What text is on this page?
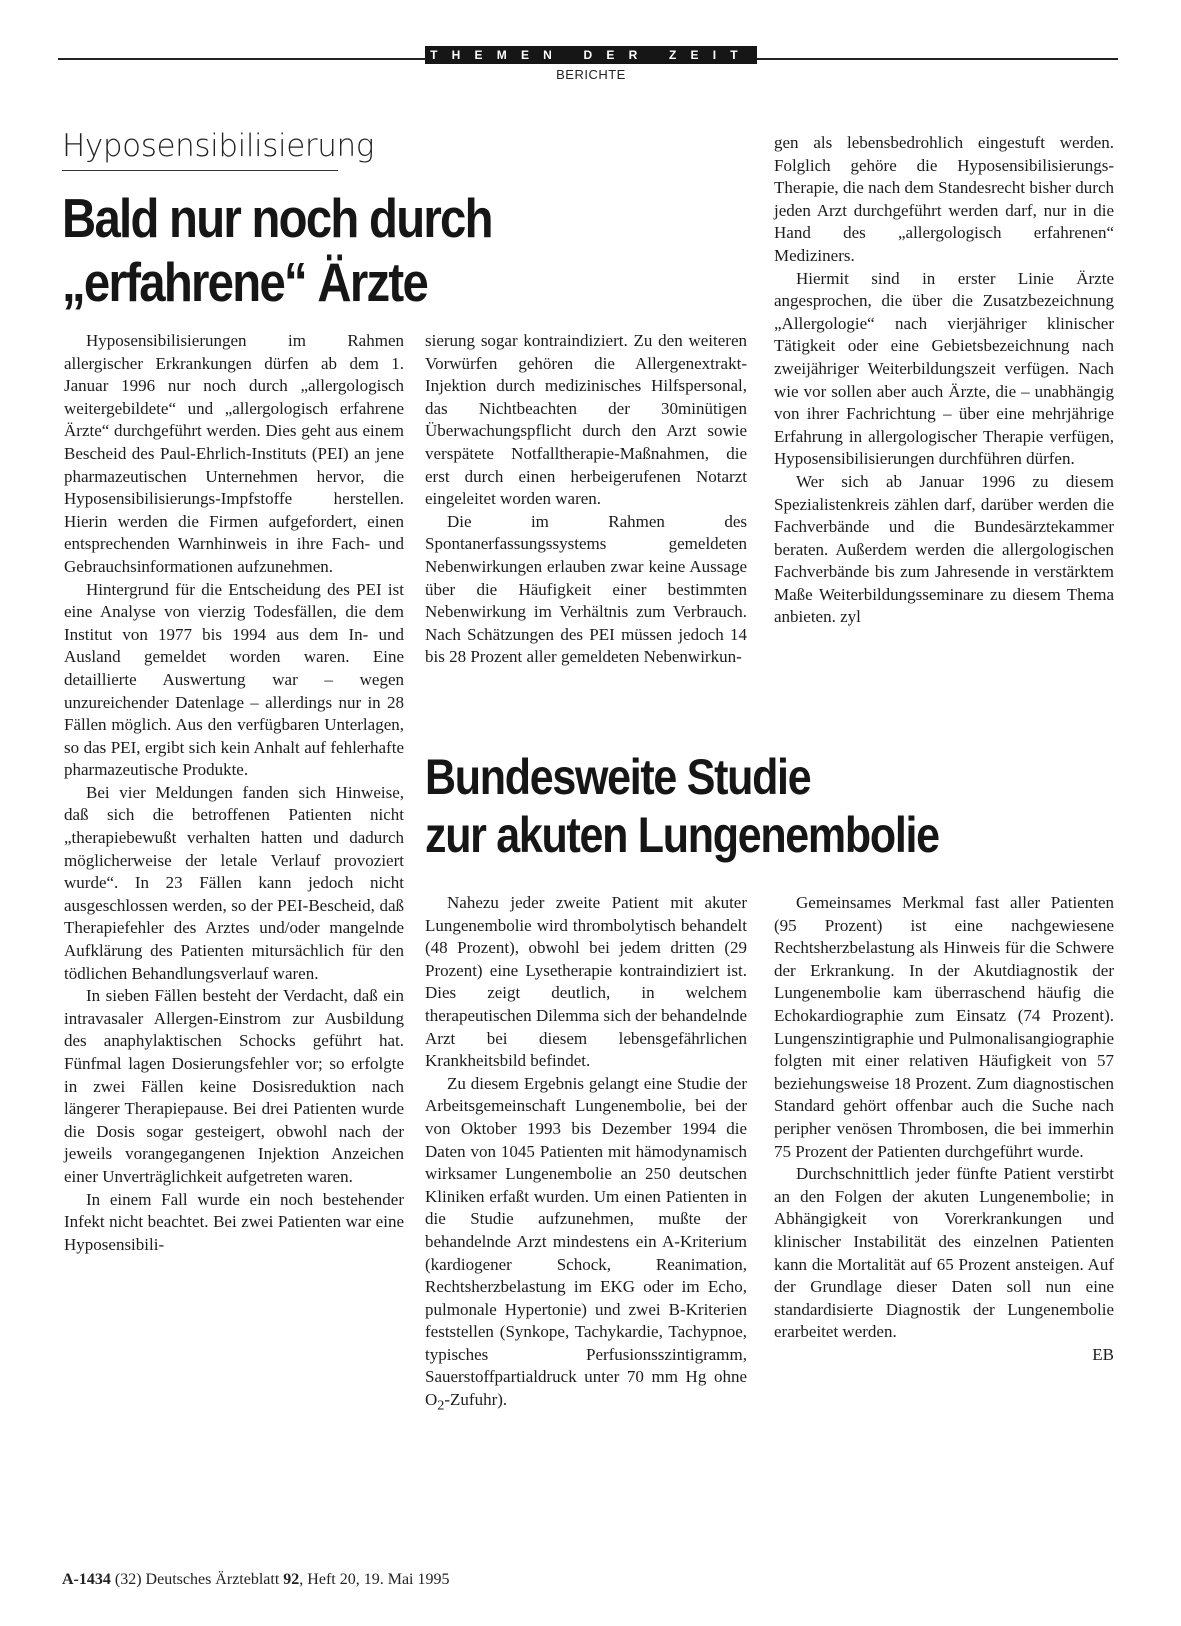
THEMEN DER ZEIT
BERICHTE
Hyposensibilisierung
Bald nur noch durch
„erfahrene“ Ärzte

Hyposensibilisierungen im Rahmen allergischer Erkrankungen dürfen ab dem 1. Januar 1996 nur noch durch „allergologisch weitergebildete“ und „allergologisch erfahrene Ärzte“ durchgeführt werden. Dies geht aus einem Bescheid des Paul-Ehrlich-Instituts (PEI) an jene pharmazeutischen Unternehmen hervor, die Hyposensibilisierungs-Impfstoffe herstellen. Hierin werden die Firmen aufgefordert, einen entsprechenden Warnhinweis in ihre Fach- und Gebrauchsinformationen aufzunehmen.

Hintergrund für die Entscheidung des PEI ist eine Analyse von vierzig Todesfällen, die dem Institut von 1977 bis 1994 aus dem In- und Ausland gemeldet worden waren. Eine detaillierte Auswertung war – wegen unzureichender Datenlage – allerdings nur in 28 Fällen möglich. Aus den verfügbaren Unterlagen, so das PEI, ergibt sich kein Anhalt auf fehlerhafte pharmazeutische Produkte.

Bei vier Meldungen fanden sich Hinweise, daß sich die betroffenen Patienten nicht „therapiebewußt verhalten hatten und dadurch möglicherweise der letale Verlauf provoziert wurde“. In 23 Fällen kann jedoch nicht ausgeschlossen werden, so der PEI-Bescheid, daß Therapiefehler des Arztes und/oder mangelnde Aufklärung des Patienten mitursächlich für den tödlichen Behandlungsverlauf waren.

In sieben Fällen besteht der Verdacht, daß ein intravasaler Allergen-Einstrom zur Ausbildung des anaphylaktischen Schocks geführt hat. Fünfmal lagen Dosierungsfehler vor; so erfolgte in zwei Fällen keine Dosisreduktion nach längerer Therapiepause. Bei drei Patienten wurde die Dosis sogar gesteigert, obwohl nach der jeweils vorangegangenen Injektion Anzeichen einer Unverträglichkeit aufgetreten waren.

In einem Fall wurde ein noch bestehender Infekt nicht beachtet. Bei zwei Patienten war eine Hyposensibili-

sierung sogar kontraindiziert. Zu den weiteren Vorwürfen gehören die Allergenextrakt-Injektion durch medizinisches Hilfspersonal, das Nichtbeachten der 30minütigen Überwachungspflicht durch den Arzt sowie verspätete Notfalltherapie-Maßnahmen, die erst durch einen herbeigerufenen Notarzt eingeleitet worden waren.

Die im Rahmen des Spontanerfassungssystems gemeldeten Nebenwirkungen erlauben zwar keine Aussage über die Häufigkeit einer bestimmten Nebenwirkung im Verhältnis zum Verbrauch. Nach Schätzungen des PEI müssen jedoch 14 bis 28 Prozent aller gemeldeten Nebenwirkun-

gen als lebensbedrohlich eingestuft werden. Folglich gehöre die Hyposensibilisierungs-Therapie, die nach dem Standesrecht bisher durch jeden Arzt durchgeführt werden darf, nur in die Hand des „allergologisch erfahrenen“ Mediziners.

Hiermit sind in erster Linie Ärzte angesprochen, die über die Zusatzbezeichnung „Allergologie“ nach vierjähriger klinischer Tätigkeit oder eine Gebietsbezeichnung nach zweijähriger Weiterbildungszeit verfügen. Nach wie vor sollen aber auch Ärzte, die – unabhängig von ihrer Fachrichtung – über eine mehrjährige Erfahrung in allergologischer Therapie verfügen, Hyposensibilisierungen durchführen dürfen.

Wer sich ab Januar 1996 zu diesem Spezialistenkreis zählen darf, darüber werden die Fachverbände und die Bundesärztekammer beraten. Außerdem werden die allergologischen Fachverbände bis zum Jahresende in verstärktem Maße Weiterbildungsseminare zu diesem Thema anbieten. zyl

Bundesweite Studie
zur akuten Lungenembolie

Nahezu jeder zweite Patient mit akuter Lungenembolie wird thrombolytisch behandelt (48 Prozent), obwohl bei jedem dritten (29 Prozent) eine Lysetherapie kontraindiziert ist. Dies zeigt deutlich, in welchem therapeutischen Dilemma sich der behandelnde Arzt bei diesem lebensgefährlichen Krankheitsbild befindet.

Zu diesem Ergebnis gelangt eine Studie der Arbeitsgemeinschaft Lungenembolie, bei der von Oktober 1993 bis Dezember 1994 die Daten von 1045 Patienten mit hämodynamisch wirksamer Lungenembolie an 250 deutschen Kliniken erfaßt wurden. Um einen Patienten in die Studie aufzunehmen, mußte der behandelnde Arzt mindestens ein A-Kriterium (kardiogener Schock, Reanimation, Rechtsherzbelastung im EKG oder im Echo, pulmonale Hypertonie) und zwei B-Kriterien feststellen (Synkope, Tachykardie, Tachypnoe, typisches Perfusionsszintigramm, Sauerstoffpartialdruck unter 70 mm Hg ohne $O_2-Zufuhr$).

Gemeinsames Merkmal fast aller Patienten (95 Prozent) ist eine nachgewiesene Rechtsherzbelastung als Hinweis für die Schwere der Erkrankung. In der Akutdiagnostik der Lungenembolie kam überraschend häufig die Echokardiographie zum Einsatz (74 Prozent). Lungenszintigraphie und Pulmonalisangiographie folgten mit einer relativen Häufigkeit von 57 beziehungsweise 18 Prozent. Zum diagnostischen Standard gehört offenbar auch die Suche nach peripher venösen Thrombosen, die bei immerhin 75 Prozent der Patienten durchgeführt wurde.

Durchschnittlich jeder fünfte Patient verstirbt an den Folgen der akuten Lungenembolie; in Abhängigkeit von Vorerkrankungen und klinischer Instabilität des einzelnen Patienten kann die Mortalität auf 65 Prozent ansteigen. Auf der Grundlage dieser Daten soll nun eine standardisierte Diagnostik der Lungenembolie erarbeitet werden.

EB
A-1434 (32) Deutsches Ärzteblatt 92, Heft 20, 19. Mai 1995
